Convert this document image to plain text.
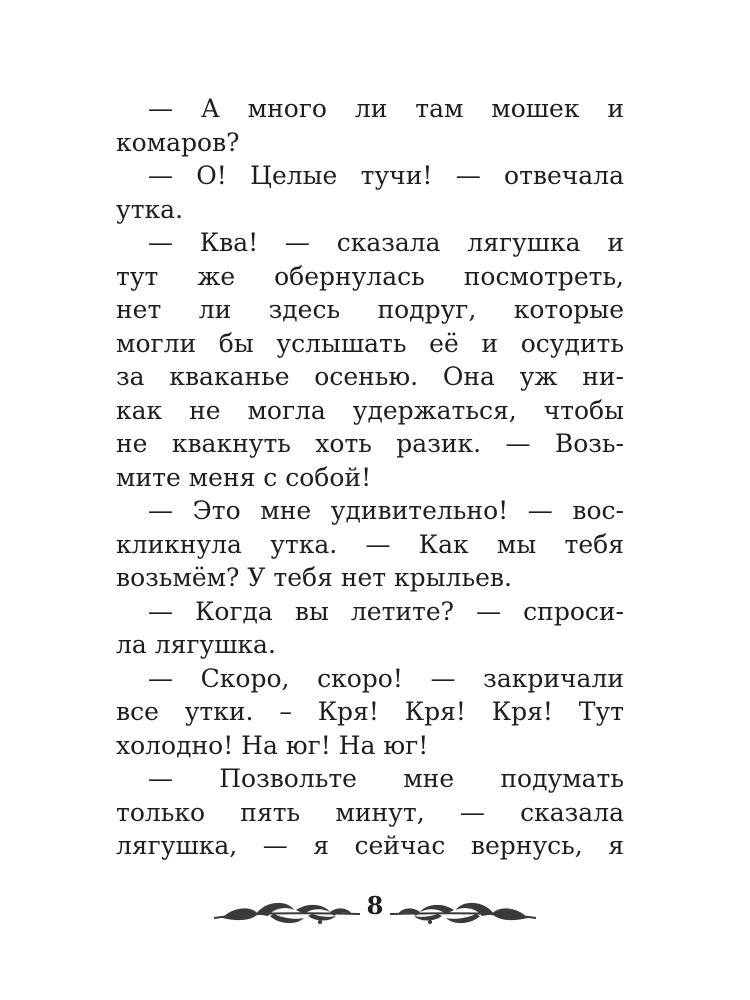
— А много ли там мошек и
комаров?
— О! Целые тучи! — отвечала
утка.
— Ква! — сказала лягушка и
тут же обернулась посмотреть,
нет ли здесь подруг, которые
могли бы услышать её и осудить
за кваканье осенью. Она уж ни-
как не могла удержаться, чтобы
не квакнуть хоть разик. — Возь-
мите меня с собой!
— Это мне удивительно! — вос-
кликнула утка. — Как мы тебя
возьмём? У тебя нет крыльев.
— Когда вы летите? — спроси-
ла лягушка.
— Скоро, скоро! — закричали
все утки. – Кря! Кря! Кря! Тут
холодно! На юг! На юг!
— Позвольте мне подумать
только пять минут, — сказала
лягушка, — я сейчас вернусь, я
8
